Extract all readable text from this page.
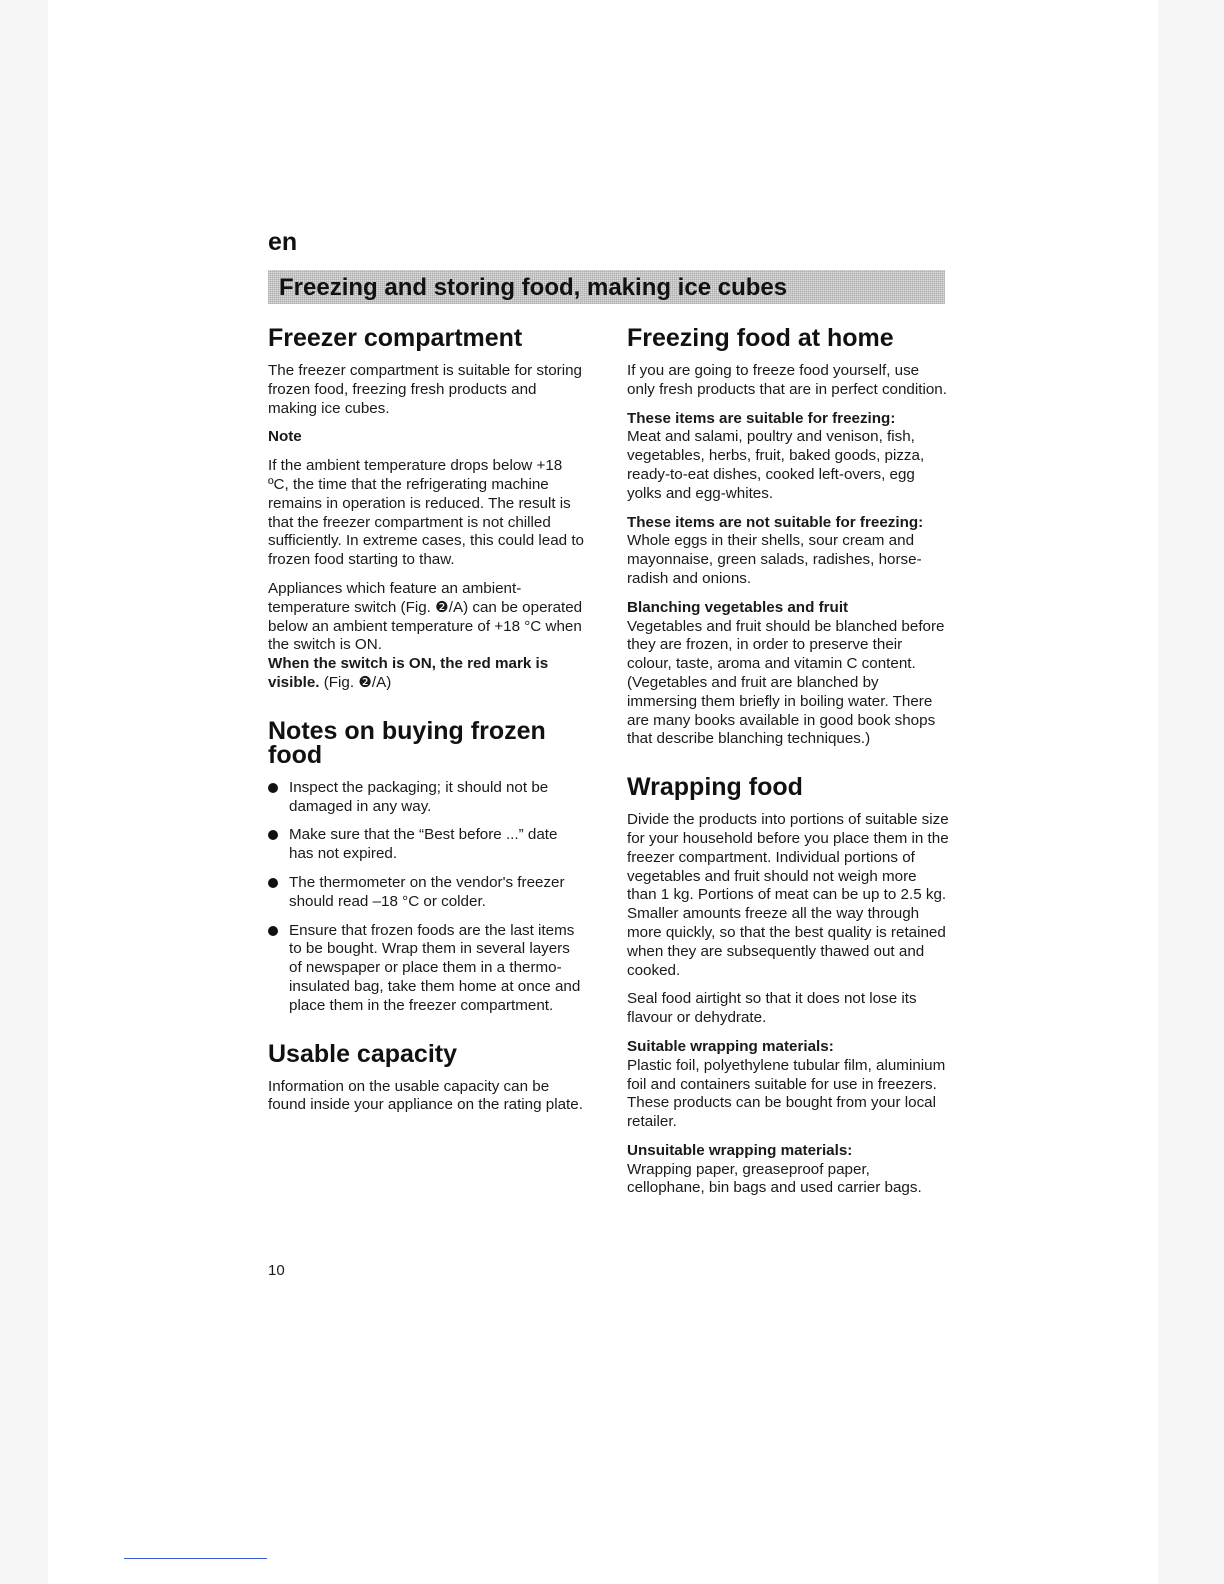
en
Freezing and storing food, making ice cubes
Freezer compartment

The freezer compartment is suitable for storing frozen food, freezing fresh products and making ice cubes.

Note

If the ambient temperature drops below +18 ºC, the time that the refrigerating machine remains in operation is reduced. The result is that the freezer compartment is not chilled sufficiently. In extreme cases, this could lead to frozen food starting to thaw.

Appliances which feature an ambient-temperature switch (Fig. ❷/A) can be operated below an ambient temperature of +18 °C when the switch is ON.
When the switch is ON, the red mark is visible. (Fig. ❷/A)

Notes on buying frozen food
Inspect the packaging; it should not be damaged in any way.
Make sure that the “Best before ...” date has not expired.
The thermometer on the vendor's freezer should read –18 °C or colder.
Ensure that frozen foods are the last items to be bought. Wrap them in several layers of newspaper or place them in a thermo-insulated bag, take them home at once and place them in the freezer compartment.
Usable capacity

Information on the usable capacity can be found inside your appliance on the rating plate.

Freezing food at home

If you are going to freeze food yourself, use only fresh products that are in perfect condition.

These items are suitable for freezing:
Meat and salami, poultry and venison, fish, vegetables, herbs, fruit, baked goods, pizza, ready-to-eat dishes, cooked left-overs, egg yolks and egg-whites.

These items are not suitable for freezing:
Whole eggs in their shells, sour cream and mayonnaise, green salads, radishes, horse-radish and onions.

Blanching vegetables and fruit
Vegetables and fruit should be blanched before they are frozen, in order to preserve their colour, taste, aroma and vitamin C content. (Vegetables and fruit are blanched by immersing them briefly in boiling water. There are many books available in good book shops that describe blanching techniques.)

Wrapping food

Divide the products into portions of suitable size for your household before you place them in the freezer compartment. Individual portions of vegetables and fruit should not weigh more than 1 kg. Portions of meat can be up to 2.5 kg. Smaller amounts freeze all the way through more quickly, so that the best quality is retained when they are subsequently thawed out and cooked.

Seal food airtight so that it does not lose its flavour or dehydrate.

Suitable wrapping materials:
Plastic foil, polyethylene tubular film, aluminium foil and containers suitable for use in freezers. These products can be bought from your local retailer.

Unsuitable wrapping materials:
Wrapping paper, greaseproof paper, cellophane, bin bags and used carrier bags.

10
